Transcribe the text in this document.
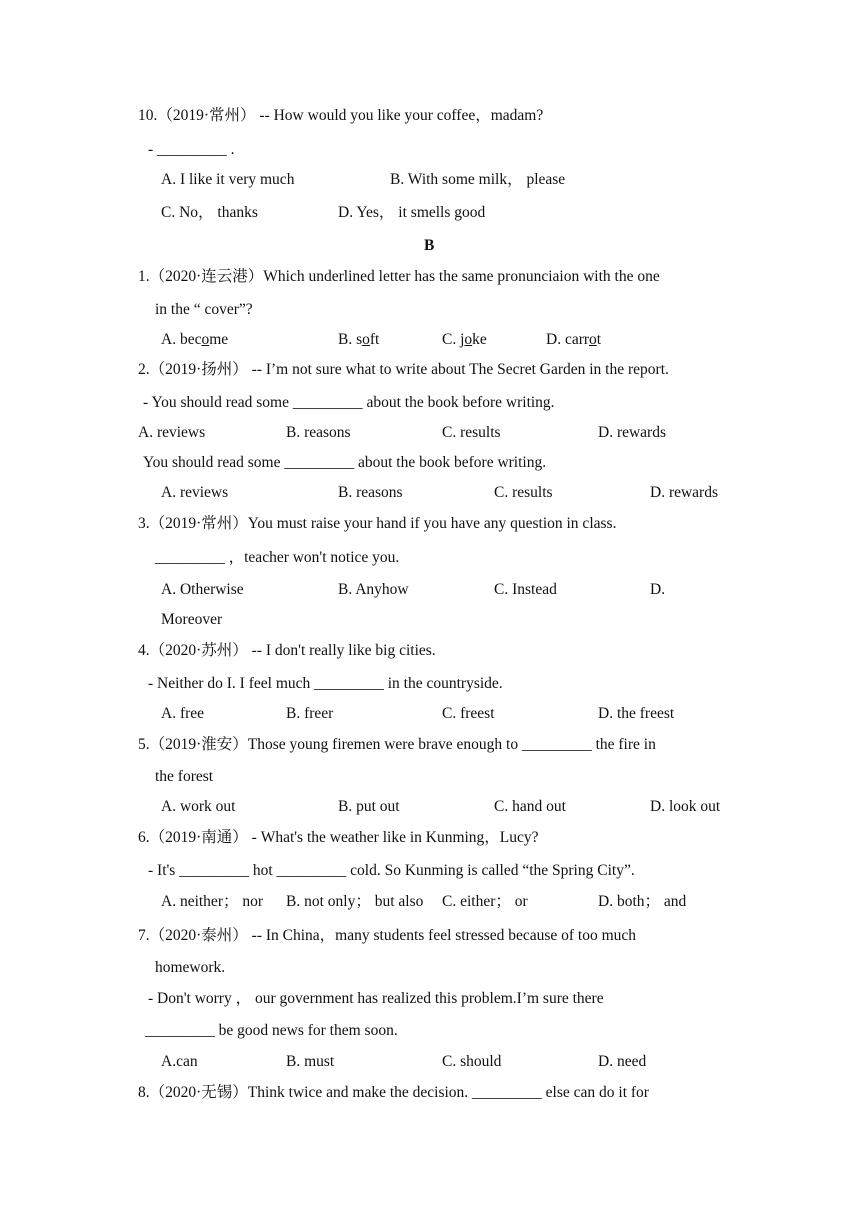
10.（2019·常州） -- How would you like your coffee，madam?
- _________ .
A. I like it very much	B. With some milk， please
C. No， thanks	D. Yes， it smells good
B
1.（2020·连云港）Which underlined letter has the same pronunciaion with the one
in the “ cover”?
A. become	B. soft	C. joke	D. carrot
2.（2019·扬州） -- I’m not sure what to write about The Secret Garden in the report.
- You should read some _________ about the book before writing.
A. reviews	B. reasons	C. results	D. rewards
You should read some _________ about the book before writing.
A. reviews	B. reasons	C. results	D. rewards
3.（2019·常州）You must raise your hand if you have any question in class.
_________ ，teacher won't notice you.
A. Otherwise	B. Anyhow	C. Instead	D.
Moreover
4.（2020·苏州） -- I don't really like big cities.
- Neither do I. I feel much _________ in the countryside.
A. free	B. freer	C. freest	D. the freest
5.（2019·淮安）Those young firemen were brave enough to _________ the fire in
the forest
A. work out	B. put out	C. hand out	D. look out
6.（2019·南通） - What's the weather like in Kunming，Lucy?
- It's _________ hot _________ cold. So Kunming is called “the Spring City”.
A. neither； nor B. not only； but also C. either； or	D. both； and
7.（2020·泰州） -- In China，many students feel stressed because of too much
homework.
- Don't worry ， our government has realized this problem.I’m sure there
_________ be good news for them soon.
A.can	B. must	C. should	D. need
8.（2020·无锡）Think twice and make the decision. _________ else can do it for
